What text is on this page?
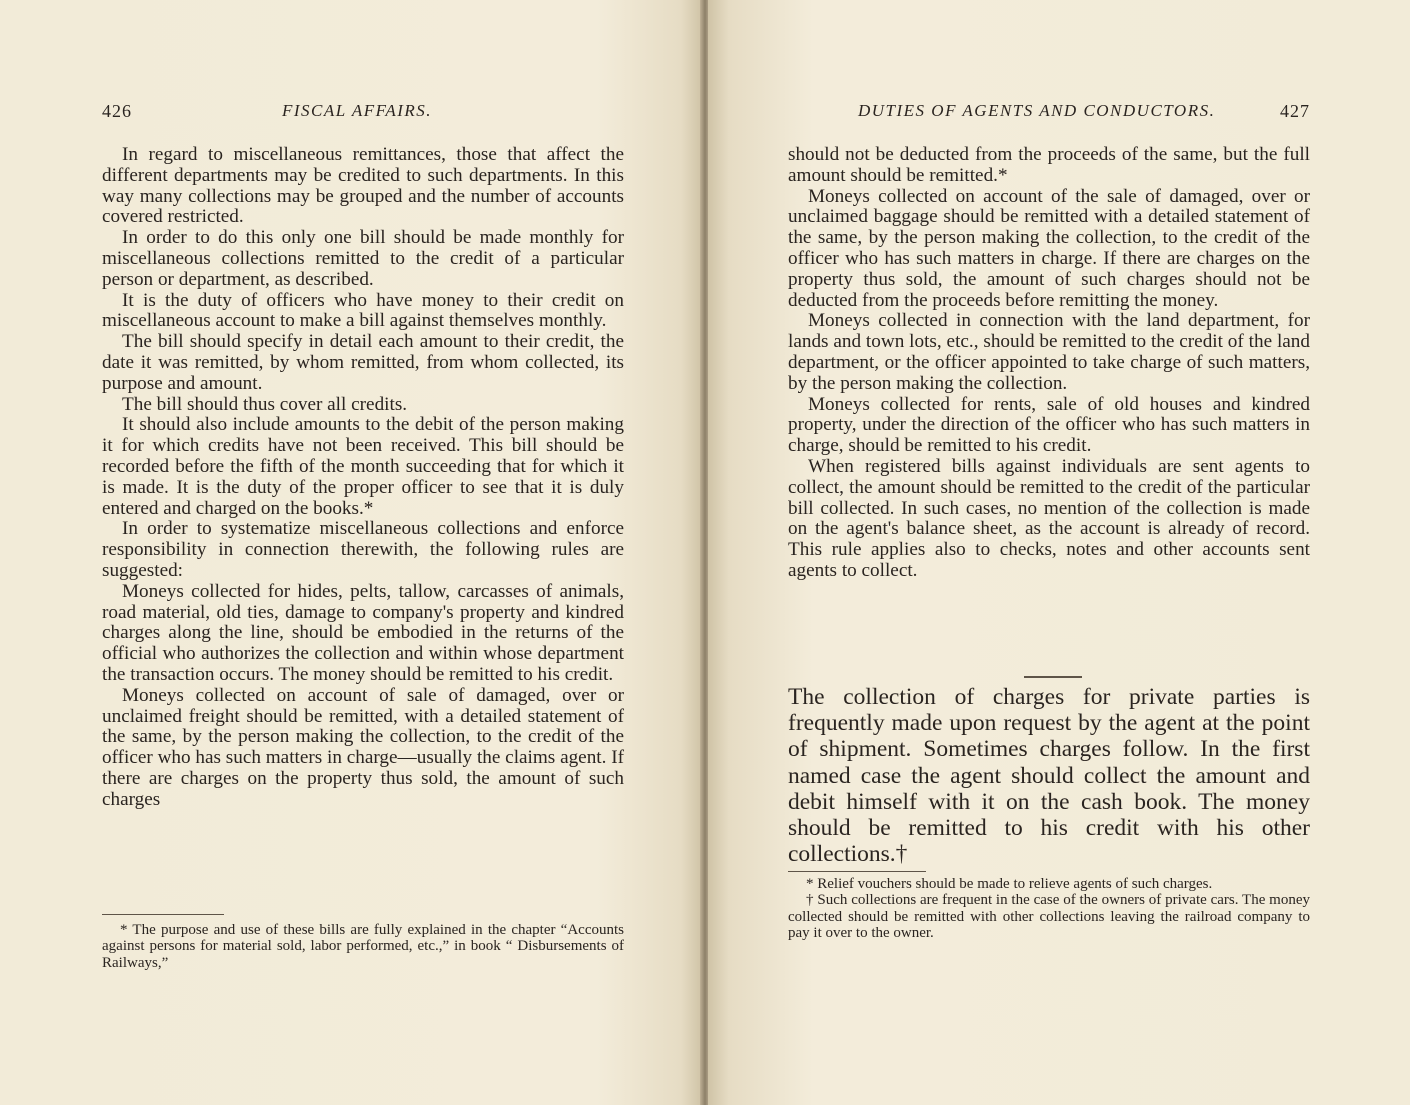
426	FISCAL AFFAIRS.

In regard to miscellaneous remittances, those that affect the different departments may be credited to such departments. In this way many collections may be grouped and the number of accounts covered restricted.

In order to do this only one bill should be made monthly for miscellaneous collections remitted to the credit of a particular person or department, as described.

It is the duty of officers who have money to their credit on miscellaneous account to make a bill against themselves monthly.

The bill should specify in detail each amount to their credit, the date it was remitted, by whom remitted, from whom collected, its purpose and amount.

The bill should thus cover all credits.

It should also include amounts to the debit of the person making it for which credits have not been received. This bill should be recorded before the fifth of the month succeeding that for which it is made. It is the duty of the proper officer to see that it is duly entered and charged on the books.*

In order to systematize miscellaneous collections and enforce responsibility in connection therewith, the following rules are suggested:

Moneys collected for hides, pelts, tallow, carcasses of animals, road material, old ties, damage to company's property and kindred charges along the line, should be embodied in the returns of the official who authorizes the collection and within whose department the transaction occurs. The money should be remitted to his credit.

Moneys collected on account of sale of damaged, over or unclaimed freight should be remitted, with a detailed statement of the same, by the person making the collection, to the credit of the officer who has such matters in charge—usually the claims agent. If there are charges on the property thus sold, the amount of such charges

* The purpose and use of these bills are fully explained in the chapter “Accounts against persons for material sold, labor performed, etc.,” in book “ Disbursements of Railways,”

DUTIES OF AGENTS AND CONDUCTORS.	427

should not be deducted from the proceeds of the same, but the full amount should be remitted.*

Moneys collected on account of the sale of damaged, over or unclaimed baggage should be remitted with a detailed statement of the same, by the person making the collection, to the credit of the officer who has such matters in charge. If there are charges on the property thus sold, the amount of such charges should not be deducted from the proceeds before remitting the money.

Moneys collected in connection with the land department, for lands and town lots, etc., should be remitted to the credit of the land department, or the officer appointed to take charge of such matters, by the person making the collection.

Moneys collected for rents, sale of old houses and kindred property, under the direction of the officer who has such matters in charge, should be remitted to his credit.

When registered bills against individuals are sent agents to collect, the amount should be remitted to the credit of the particular bill collected. In such cases, no mention of the collection is made on the agent's balance sheet, as the account is already of record. This rule applies also to checks, notes and other accounts sent agents to collect.

The collection of charges for private parties is frequently made upon request by the agent at the point of shipment. Sometimes charges follow. In the first named case the agent should collect the amount and debit himself with it on the cash book. The money should be remitted to his credit with his other collections.†

* Relief vouchers should be made to relieve agents of such charges.

† Such collections are frequent in the case of the owners of private cars. The money collected should be remitted with other collections leaving the railroad company to pay it over to the owner.
